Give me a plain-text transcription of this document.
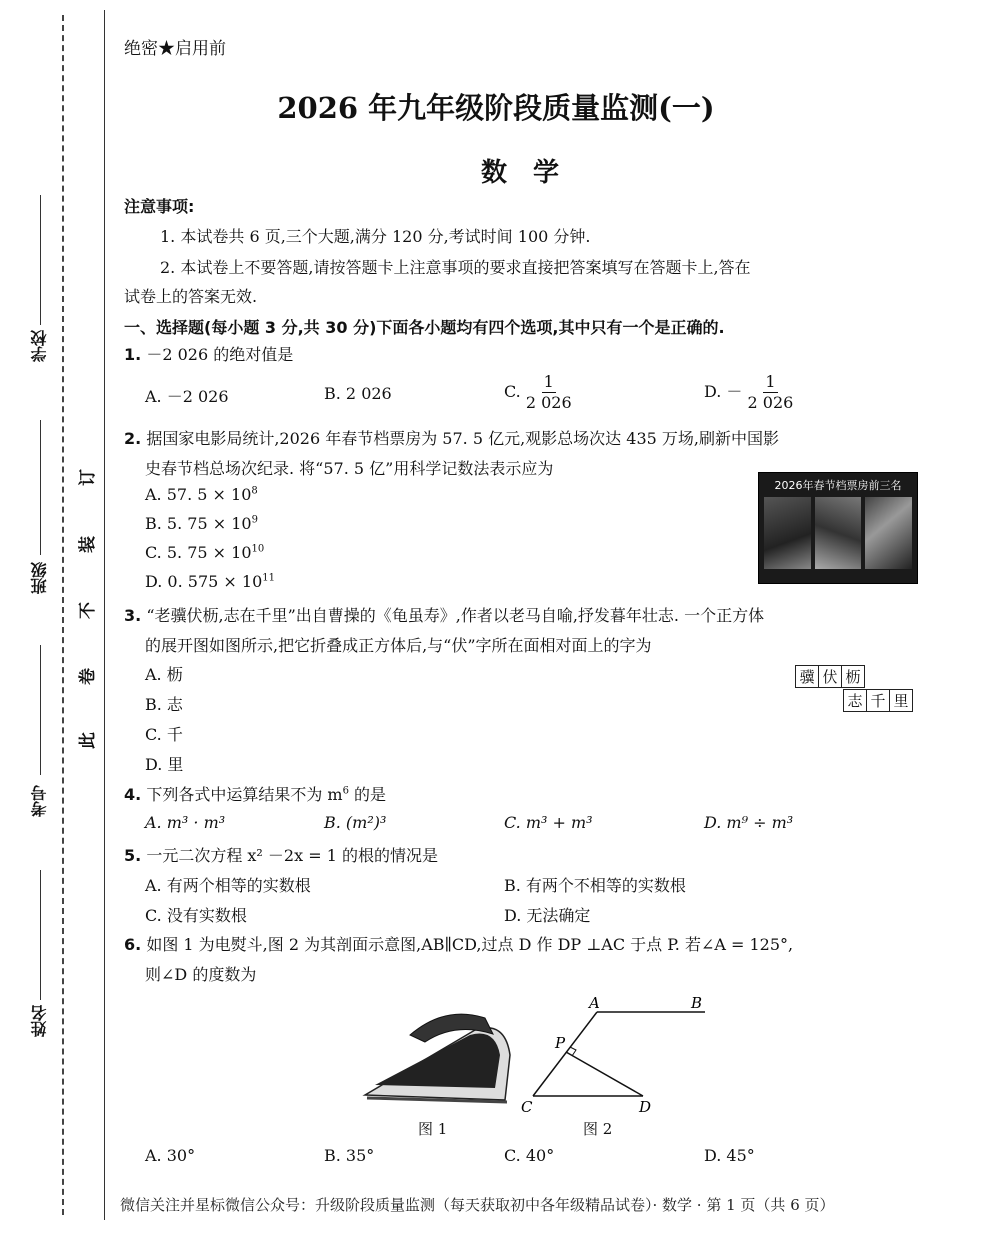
学校
班级
考号
姓名
订
装
不
卷
此
绝密★启用前
2026 年九年级阶段质量监测(一)
数　学
注意事项:
1. 本试卷共 6 页,三个大题,满分 120 分,考试时间 100 分钟.
2. 本试卷上不要答题,请按答题卡上注意事项的要求直接把答案填写在答题卡上,答在
试卷上的答案无效.
一、选择题(每小题 3 分,共 30 分)下面各小题均有四个选项,其中只有一个是正确的.
1. －2 026 的绝对值是
A. －2 026	B. 2 026	C. $\frac{1}{2 026}$	D. － $\frac{1}{2 026}$
2. 据国家电影局统计,2026 年春节档票房为 57. 5 亿元,观影总场次达 435 万场,刷新中国影
史春节档总场次纪录. 将“57. 5 亿”用科学记数法表示应为
A. 57. $5 \times 10^8$
B. 5. $75 \times 10^9$
C. 5. $75 \times 10^{10}$
D. 0. $575 \times 10^{11}$
2026年春节档票房前三名
3. “老骥伏枥,志在千里”出自曹操的《龟虽寿》,作者以老马自喻,抒发暮年壮志. 一个正方体
的展开图如图所示,把它折叠成正方体后,与“伏”字所在面相对面上的字为
A. 枥
B. 志
C. 千
D. 里
骥	伏	枥
志	千	里
4. 下列各式中运算结果不为 $m^6$ 的是
A. m³ · m³	B. (m²)³	C. m³ + m³	D. m⁹ ÷ m³
5. 一元二次方程 x² －2x = 1 的根的情况是
A. 有两个相等的实数根	B. 有两个不相等的实数根
C. 没有实数根	D. 无法确定
6. 如图 1 为电熨斗,图 2 为其剖面示意图,AB∥CD,过点 D 作 DP ⊥AC 于点 P. 若∠A = 125°,
则∠D 的度数为
图 1
A	B
P
C	D
图 2
A. 30°	B. 35°	C. 40°	D. 45°
微信关注并星标微信公众号：升级阶段质量监测（每天获取初中各年级精品试卷）· 数学 · 第 1 页（共 6 页）
